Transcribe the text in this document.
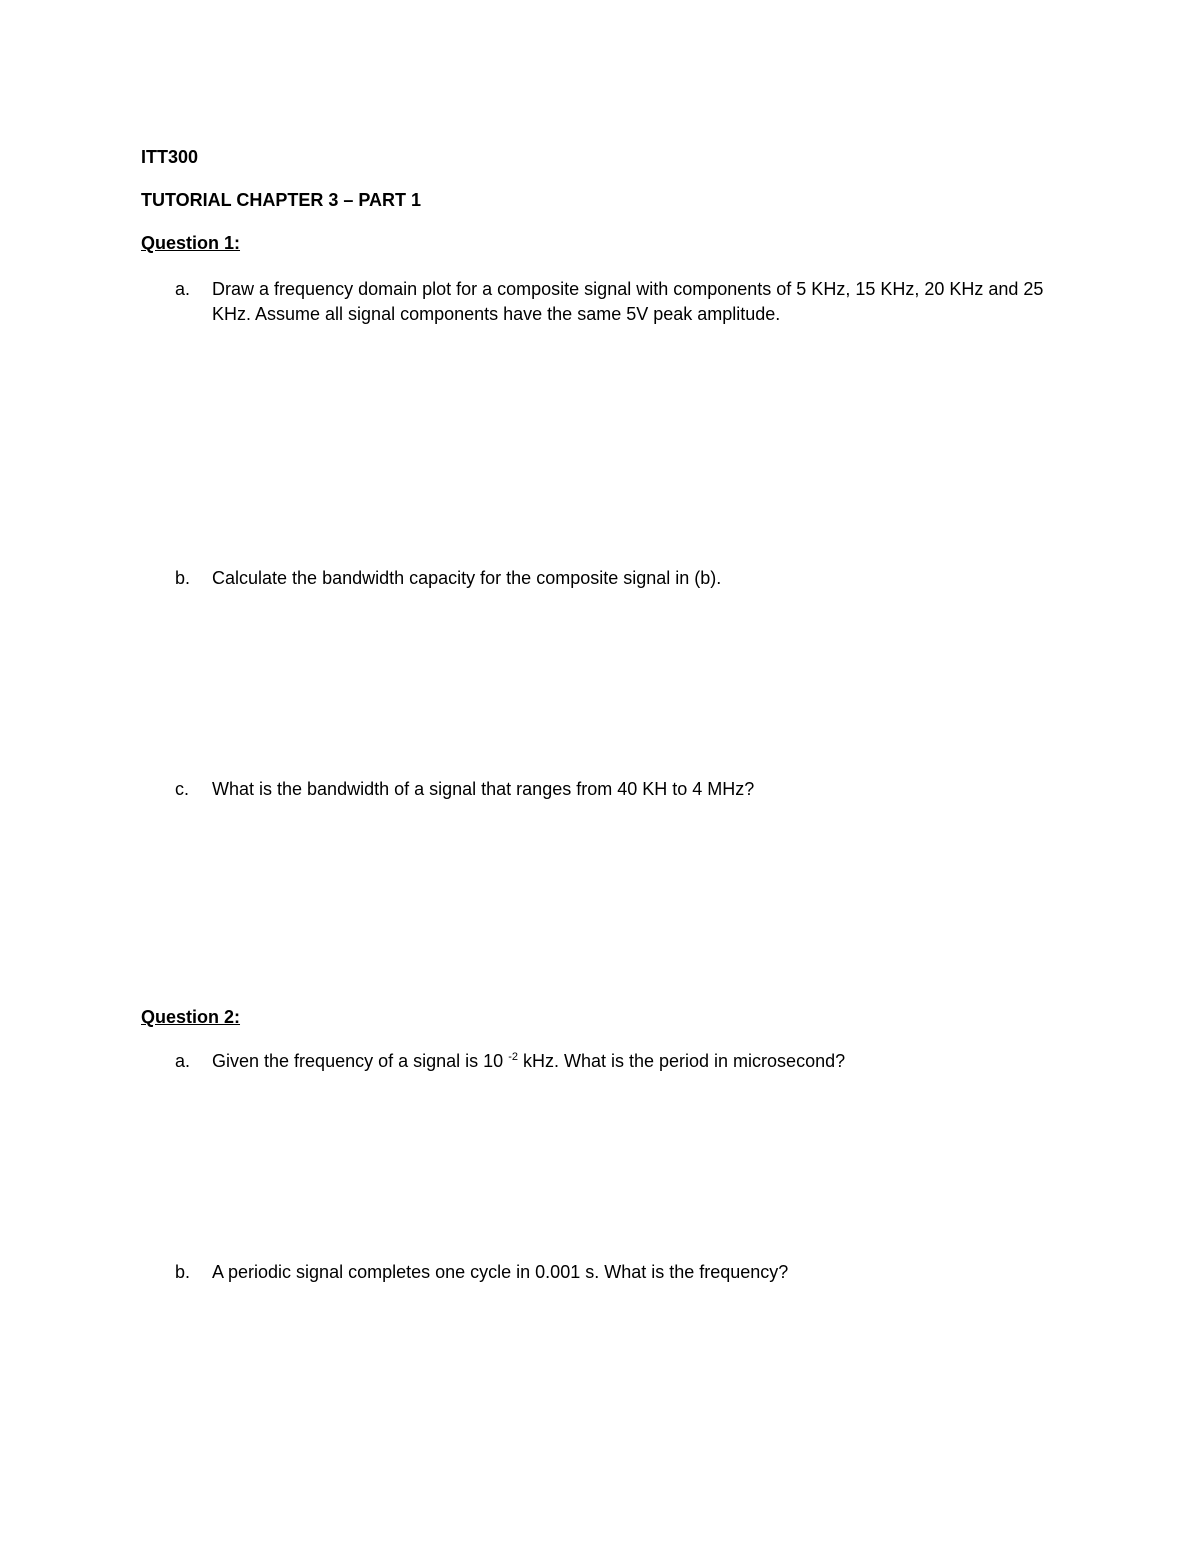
ITT300
TUTORIAL CHAPTER 3 – PART 1
Question 1:
a. Draw a frequency domain plot for a composite signal with components of 5 KHz, 15 KHz, 20 KHz and 25 KHz. Assume all signal components have the same 5V peak amplitude.
b. Calculate the bandwidth capacity for the composite signal in (b).
c. What is the bandwidth of a signal that ranges from 40 KH to 4 MHz?
Question 2:
a. Given the frequency of a signal is 10 $^{-2}$ kHz. What is the period in microsecond?
b. A periodic signal completes one cycle in 0.001 s. What is the frequency?
